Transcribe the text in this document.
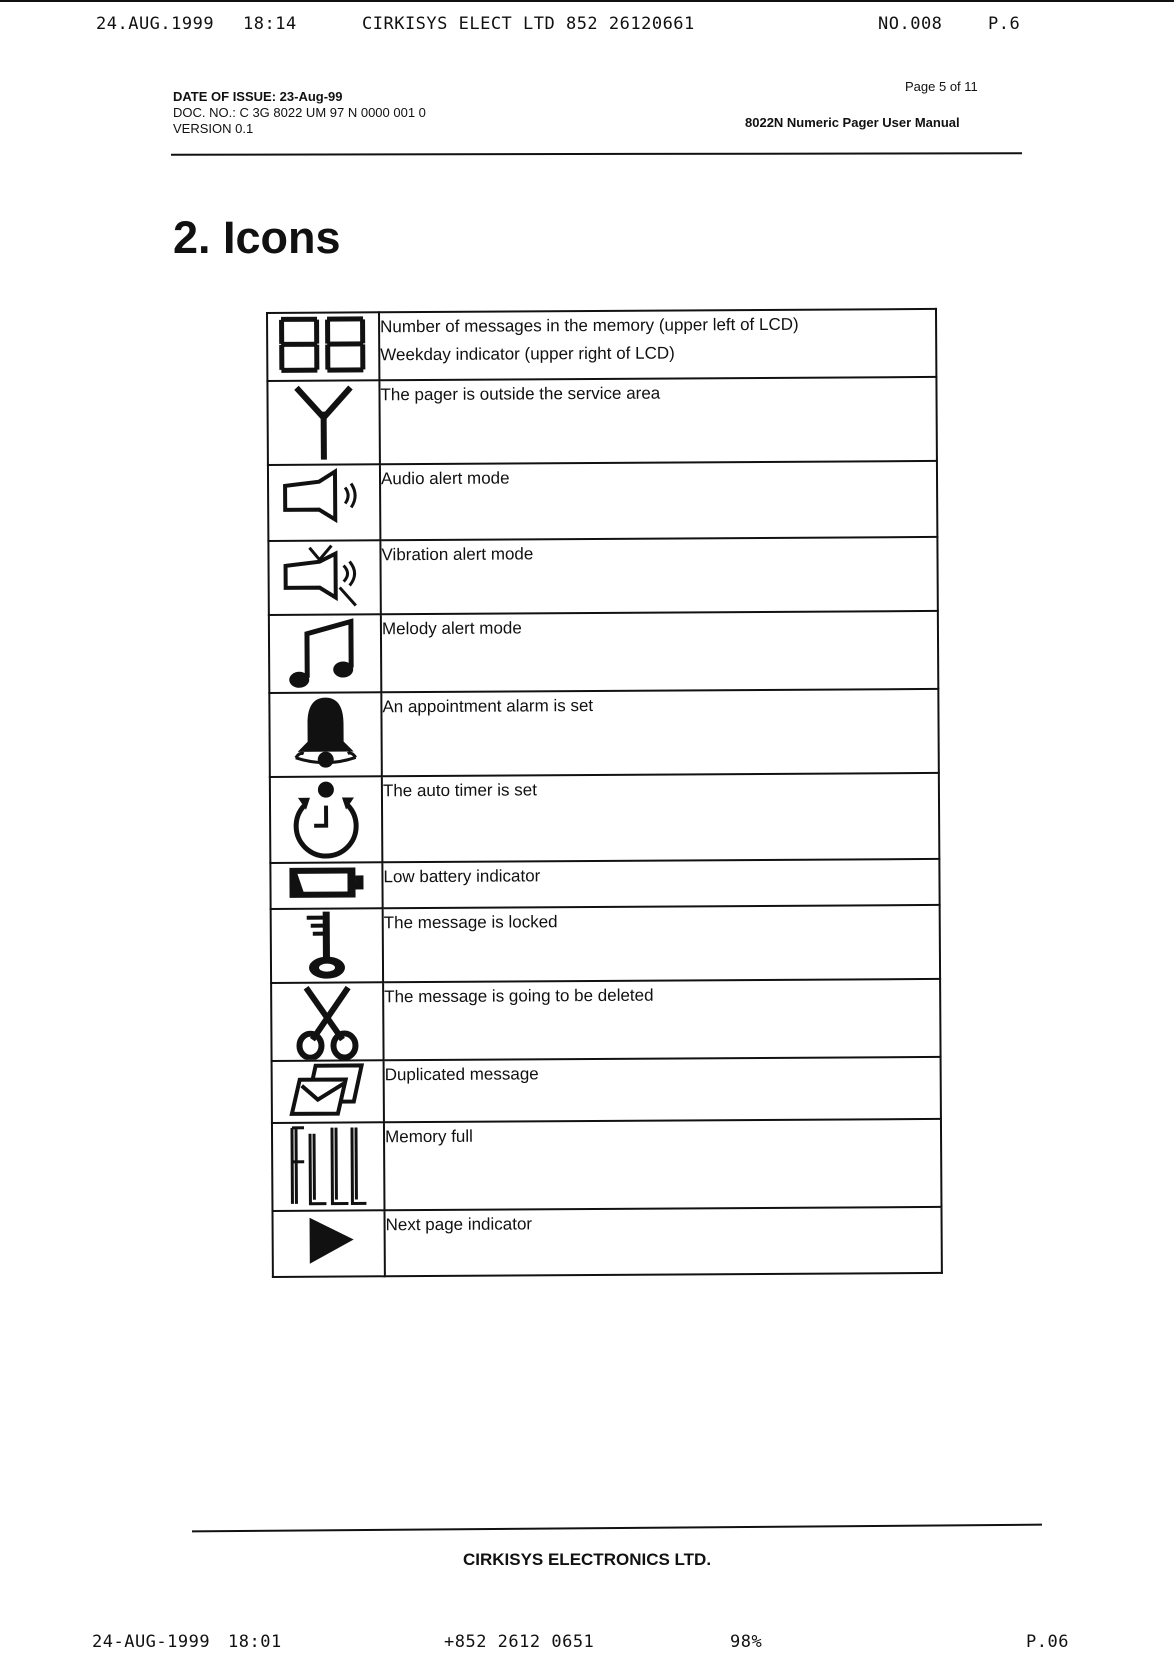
24.AUG.1999 18:14	CIRKISYS ELECT LTD 852 26120661	NO.008	P.6
DATE OF ISSUE: 23-Aug-99
DOC. NO.: C 3G 8022 UM 97 N 0000 001 0
VERSION 0.1
Page 5 of 11
8022N Numeric Pager User Manual
2. Icons

Number of messages in the memory (upper left of LCD)
Weekday indicator (upper right of LCD)

The pager is outside the service area

Audio alert mode

Vibration alert mode

Melody alert mode

An appointment alarm is set

The auto timer is set

Low battery indicator

The message is locked

The message is going to be deleted

Duplicated message

Memory full

Next page indicator
CIRKISYS ELECTRONICS LTD.
24-AUG-1999 18:01	+852 2612 0651	98%	P.06
